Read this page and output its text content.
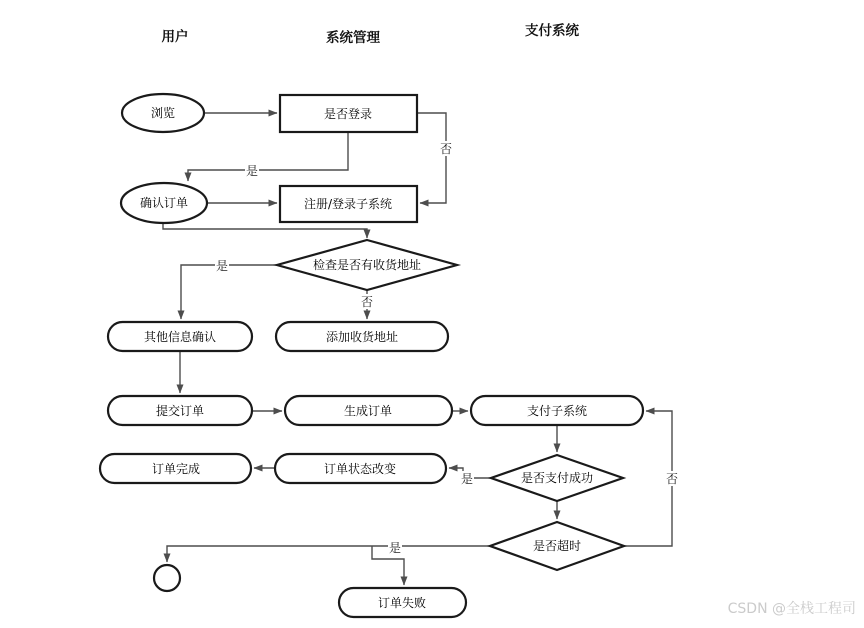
用户	系统管理	支付系统
是
否
是
否
是	否
是
浏览	是否登录
确认订单	注册/登录子系统
检查是否有收货地址
其他信息确认	添加收货地址
提交订单	生成订单	支付子系统
是否支付成功
订单状态改变
订单完成
是否超时
订单失败	CSDN @全栈工程司
